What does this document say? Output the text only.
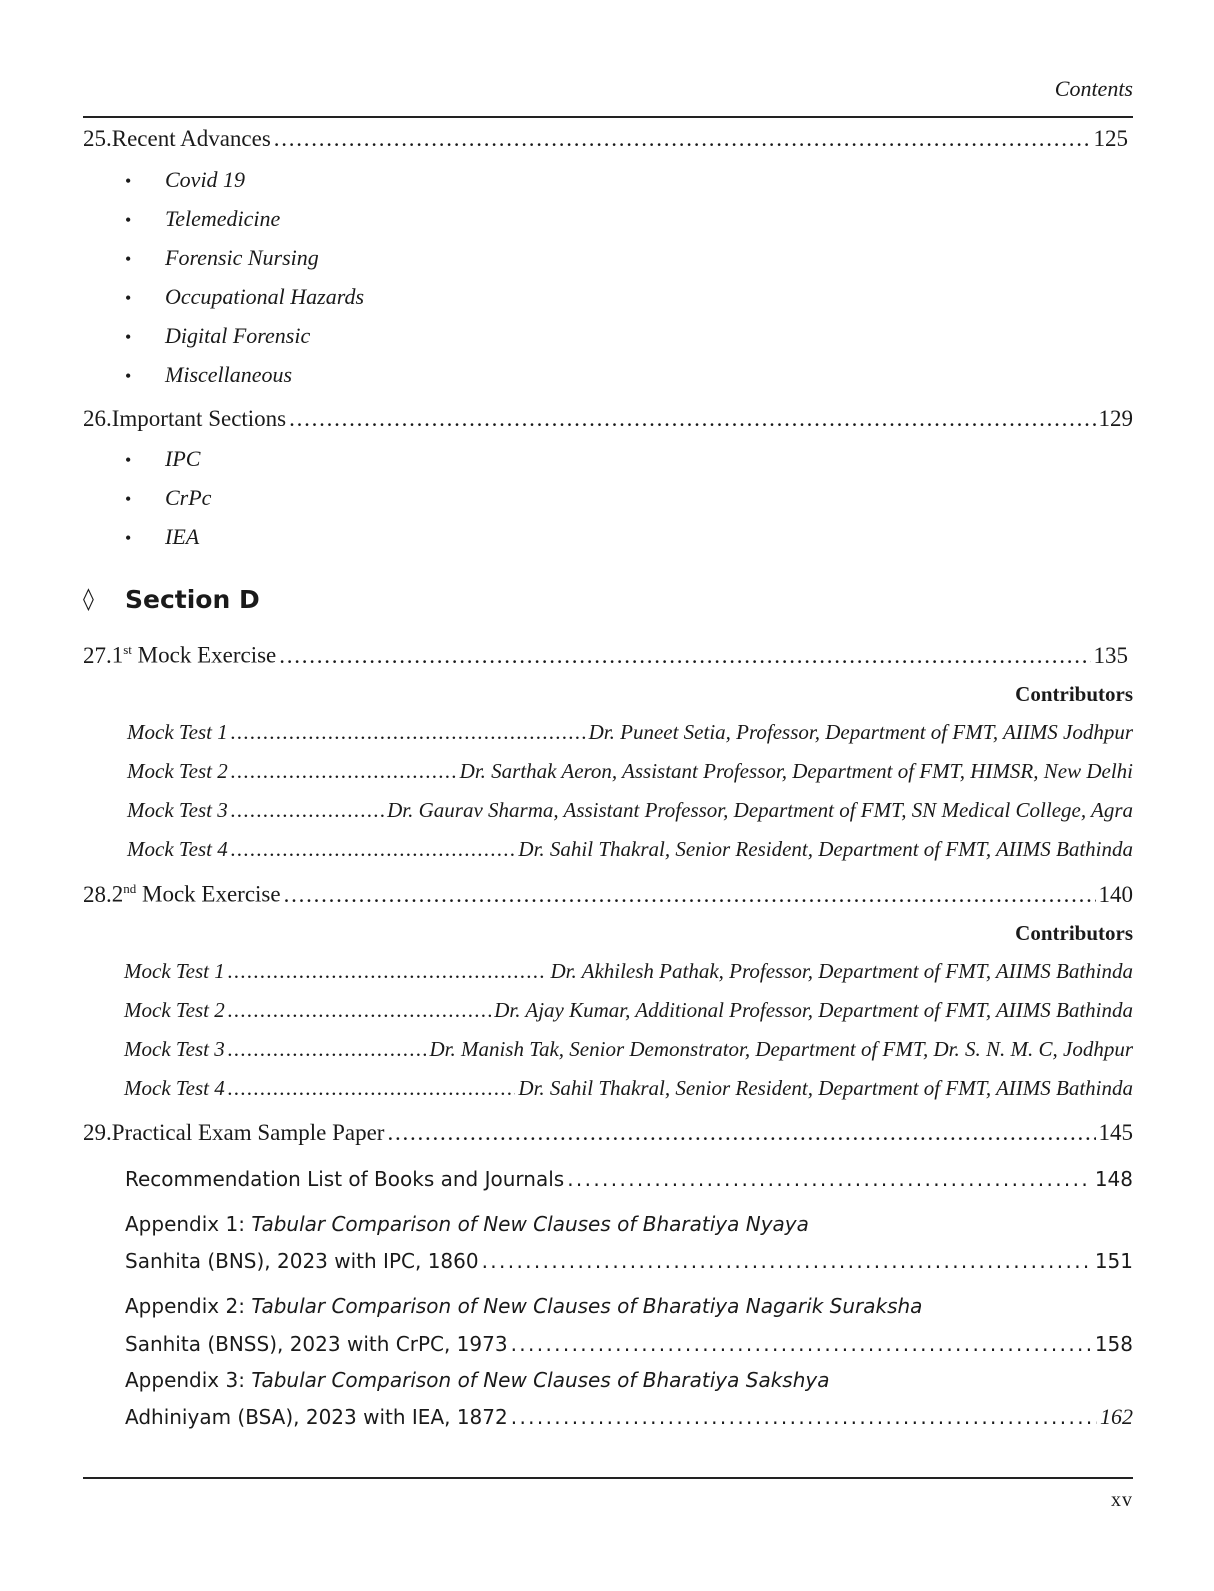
Contents
25. Recent Advances . . .	125
•	Covid 19
•	Telemedicine
•	Forensic Nursing
•	Occupational Hazards
•	Digital Forensic
•	Miscellaneous
26. Important Sections . . .	129
•	IPC
•	CrPc
•	IEA
◊	Section D
27. 1st Mock Exercise . . .	135
Contributors
Mock Test 1 . . .	Dr. Puneet Setia, Professor, Department of FMT, AIIMS Jodhpur
Mock Test 2 . . .	Dr. Sarthak Aeron, Assistant Professor, Department of FMT, HIMSR, New Delhi
Mock Test 3 . . .	Dr. Gaurav Sharma, Assistant Professor, Department of FMT, SN Medical College, Agra
Mock Test 4 . . .	Dr. Sahil Thakral, Senior Resident, Department of FMT, AIIMS Bathinda
28. 2nd Mock Exercise . . .	140
Contributors
Mock Test 1 . . .	Dr. Akhilesh Pathak, Professor, Department of FMT, AIIMS Bathinda
Mock Test 2 . . .	Dr. Ajay Kumar, Additional Professor, Department of FMT, AIIMS Bathinda
Mock Test 3 . . .	Dr. Manish Tak, Senior Demonstrator, Department of FMT, Dr. S. N. M. C, Jodhpur
Mock Test 4 . . .	Dr. Sahil Thakral, Senior Resident, Department of FMT, AIIMS Bathinda
29. Practical Exam Sample Paper . . .	145
Recommendation List of Books and Journals . . .	148
Appendix 1: Tabular Comparison of New Clauses of Bharatiya Nyaya
Sanhita (BNS), 2023 with IPC, 1860 . . .	151
Appendix 2: Tabular Comparison of New Clauses of Bharatiya Nagarik Suraksha
Sanhita (BNSS), 2023 with CrPC, 1973 . . .	158
Appendix 3: Tabular Comparison of New Clauses of Bharatiya Sakshya
Adhiniyam (BSA), 2023 with IEA, 1872 . . .	162
xv
